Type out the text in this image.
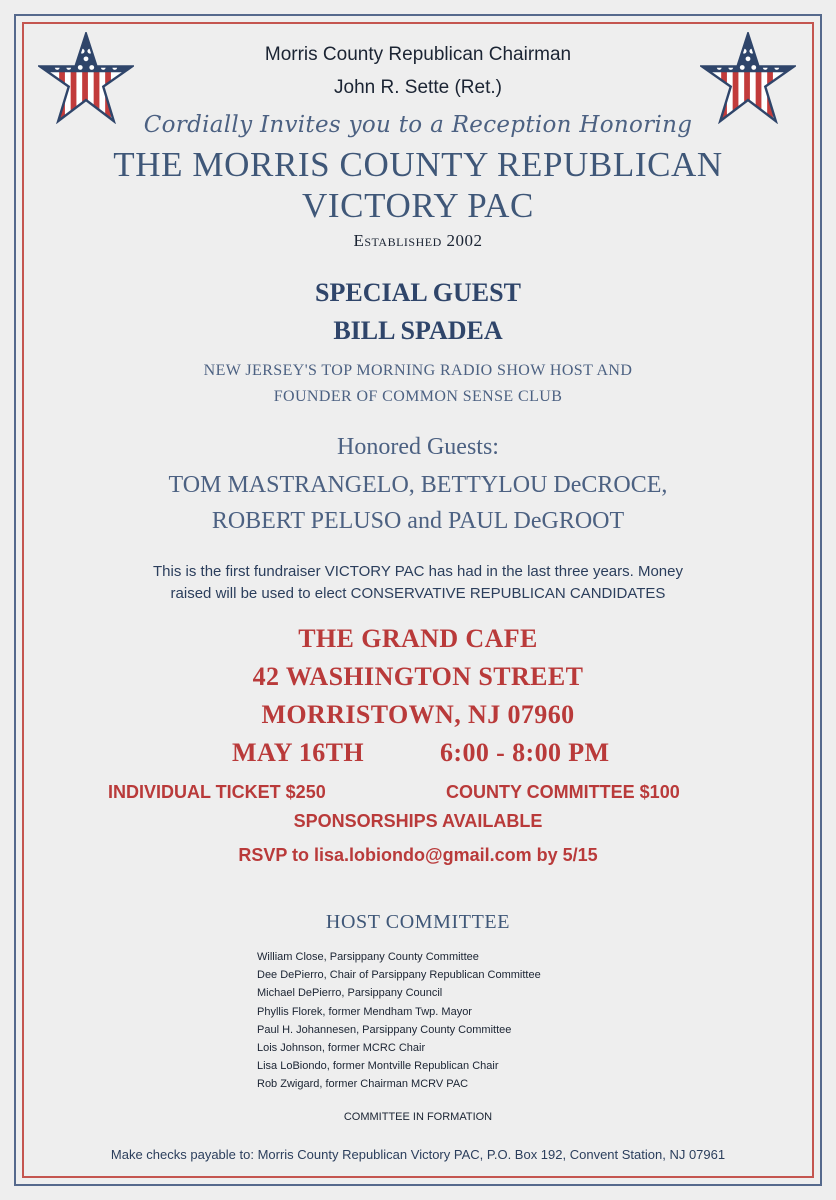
Morris County Republican Chairman
John R. Sette (Ret.)
Cordially Invites you to a Reception Honoring
THE MORRIS COUNTY REPUBLICAN
VICTORY PAC
Established 2002
SPECIAL GUEST
BILL SPADEA
NEW JERSEY'S TOP MORNING RADIO SHOW HOST AND
FOUNDER OF COMMON SENSE CLUB
Honored Guests:
TOM MASTRANGELO, BETTYLOU DeCROCE,
ROBERT PELUSO and PAUL DeGROOT
This is the first fundraiser VICTORY PAC has had in the last three years. Money
raised will be used to elect CONSERVATIVE REPUBLICAN CANDIDATES
THE GRAND CAFE
42 WASHINGTON STREET
MORRISTOWN, NJ 07960
MAY 16TH	6:00 - 8:00 PM
INDIVIDUAL TICKET $250	COUNTY COMMITTEE $100
SPONSORSHIPS AVAILABLE
RSVP to lisa.lobiondo@gmail.com by 5/15
HOST COMMITTEE
William Close, Parsippany County Committee
Dee DePierro, Chair of Parsippany Republican Committee
Michael DePierro, Parsippany Council
Phyllis Florek, former Mendham Twp. Mayor
Paul H. Johannesen, Parsippany County Committee
Lois Johnson, former MCRC Chair
Lisa LoBiondo, former Montville Republican Chair
Rob Zwigard, former Chairman MCRV PAC
COMMITTEE IN FORMATION
Make checks payable to: Morris County Republican Victory PAC, P.O. Box 192, Convent Station, NJ 07961
